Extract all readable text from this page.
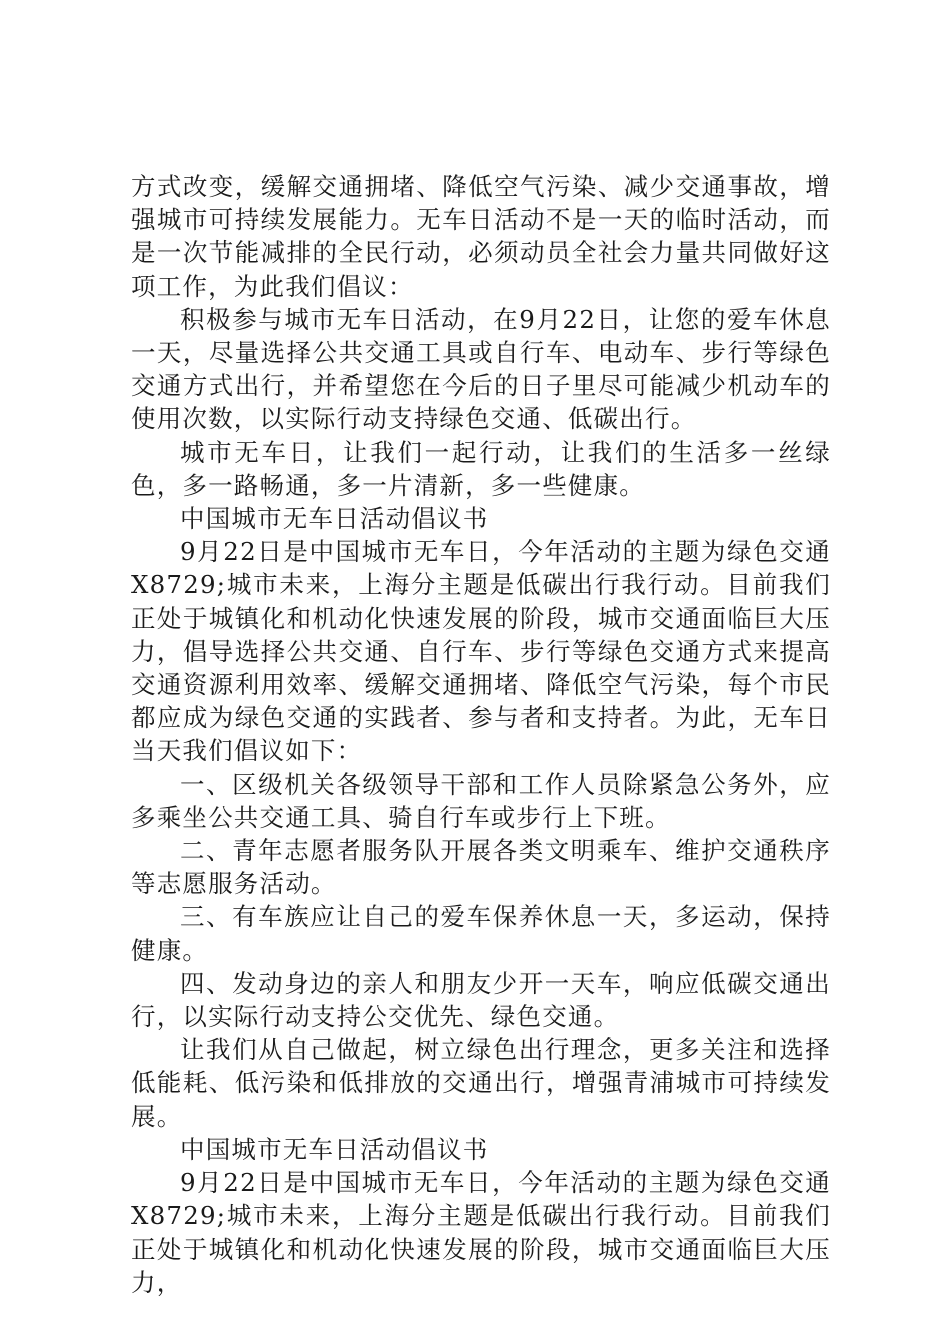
方式改变，缓解交通拥堵、降低空气污染、减少交通事故，增强城市可持续发展能力。无车日活动不是一天的临时活动，而是一次节能减排的全民行动，必须动员全社会力量共同做好这项工作，为此我们倡议：

积极参与城市无车日活动，在9月22日，让您的爱车休息一天，尽量选择公共交通工具或自行车、电动车、步行等绿色交通方式出行，并希望您在今后的日子里尽可能减少机动车的使用次数，以实际行动支持绿色交通、低碳出行。

城市无车日，让我们一起行动，让我们的生活多一丝绿色，多一路畅通，多一片清新，多一些健康。

中国城市无车日活动倡议书

9月22日是中国城市无车日，今年活动的主题为绿色交通X8729;城市未来，上海分主题是低碳出行我行动。目前我们正处于城镇化和机动化快速发展的阶段，城市交通面临巨大压力，倡导选择公共交通、自行车、步行等绿色交通方式来提高交通资源利用效率、缓解交通拥堵、降低空气污染，每个市民都应成为绿色交通的实践者、参与者和支持者。为此，无车日当天我们倡议如下：

一、区级机关各级领导干部和工作人员除紧急公务外，应多乘坐公共交通工具、骑自行车或步行上下班。

二、青年志愿者服务队开展各类文明乘车、维护交通秩序等志愿服务活动。

三、有车族应让自己的爱车保养休息一天，多运动，保持健康。

四、发动身边的亲人和朋友少开一天车，响应低碳交通出行，以实际行动支持公交优先、绿色交通。

让我们从自己做起，树立绿色出行理念，更多关注和选择低能耗、低污染和低排放的交通出行，增强青浦城市可持续发展。

中国城市无车日活动倡议书

9月22日是中国城市无车日，今年活动的主题为绿色交通X8729;城市未来，上海分主题是低碳出行我行动。目前我们正处于城镇化和机动化快速发展的阶段，城市交通面临巨大压力，
